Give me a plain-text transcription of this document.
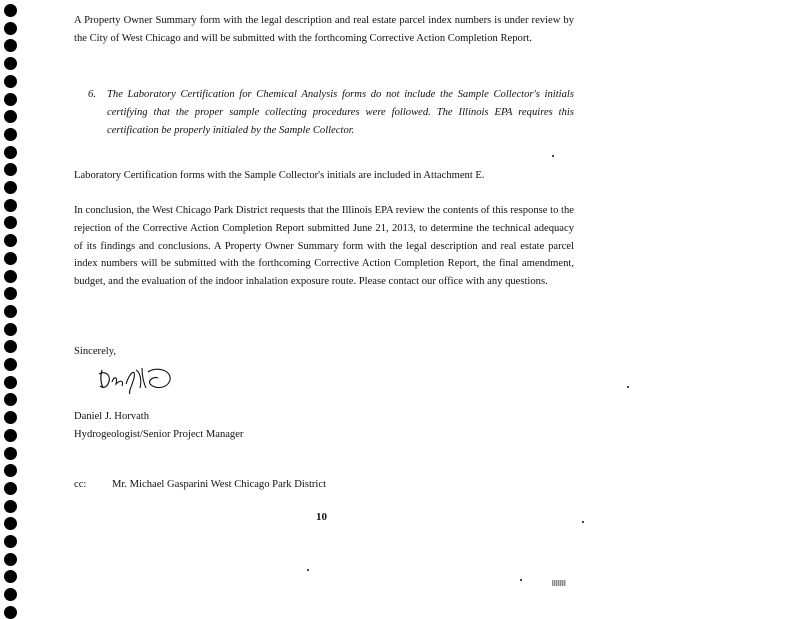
A Property Owner Summary form with the legal description and real estate parcel index numbers is under review by the City of West Chicago and will be submitted with the forthcoming Corrective Action Completion Report.

6.	The Laboratory Certification for Chemical Analysis forms do not include the Sample Collector's initials certifying that the proper sample collecting procedures were followed. The Illinois EPA requires this certification be properly initialed by the Sample Collector.

Laboratory Certification forms with the Sample Collector's initials are included in Attachment E.

In conclusion, the West Chicago Park District requests that the Illinois EPA review the contents of this response to the rejection of the Corrective Action Completion Report submitted June 21, 2013, to determine the technical adequacy of its findings and conclusions. A Property Owner Summary form with the legal description and real estate parcel index numbers will be submitted with the forthcoming Corrective Action Completion Report, the final amendment, budget, and the evaluation of the indoor inhalation exposure route. Please contact our office with any questions.

Sincerely,
Daniel J. Horvath
Hydrogeologist/Senior Project Manager
cc:	Mr. Michael Gasparini West Chicago Park District
10
